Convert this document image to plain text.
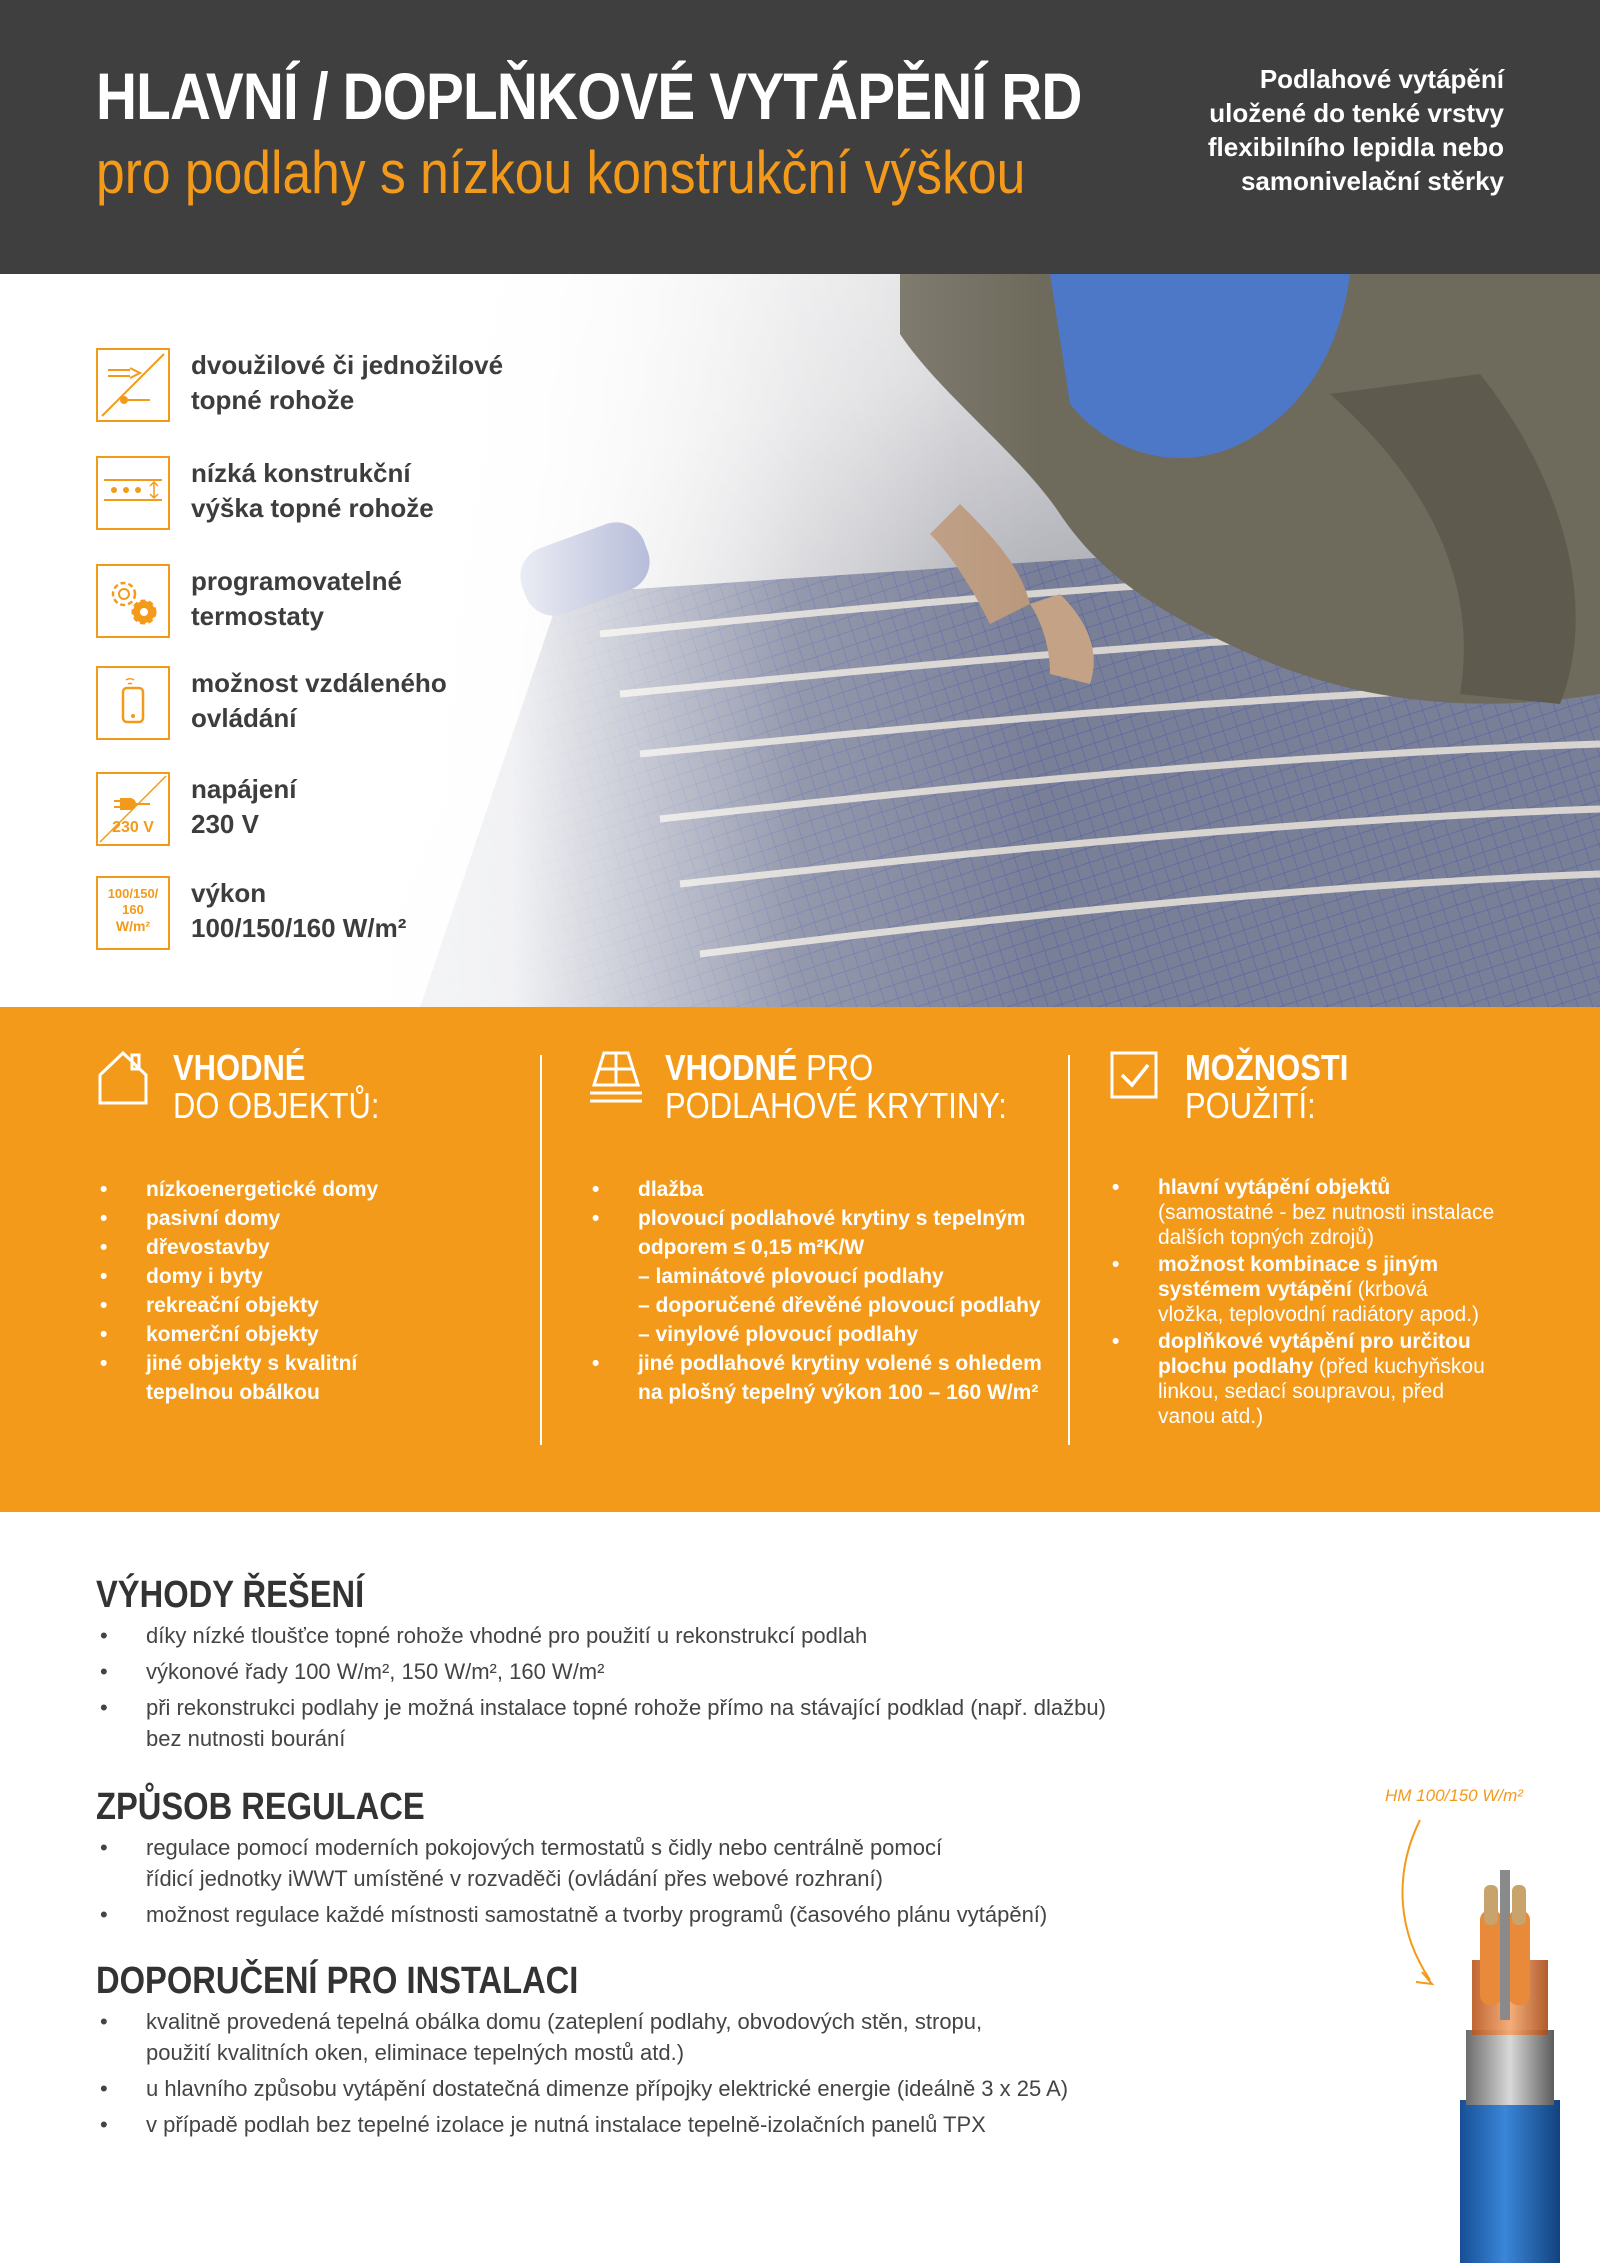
HLAVNÍ / DOPLŇKOVÉ VYTÁPĚNÍ RD
pro podlahy s nízkou konstrukční výškou
Podlahové vytápění
uložené do tenké vrstvy
flexibilního lepidla nebo
samonivelační stěrky
dvoužilové či jednožilové
topné rohože
nízká konstrukční
výška topné rohože
programovatelné
termostaty
možnost vzdáleného
ovládání
230 V
napájení
230 V
100/150/
160
W/m²
výkon
100/150/160 W/m²
VHODNÉ
DO OBJEKTŮ:
• nízkoenergetické domy
• pasivní domy
• dřevostavby
• domy i byty
• rekreační objekty
• komerční objekty
• jiné objekty s kvalitní
tepelnou obálkou
VHODNÉ PRO
PODLAHOVÉ KRYTINY:
• dlažba
• plovoucí podlahové krytiny s tepelným
odporem ≤ 0,15 m²K/W
– laminátové plovoucí podlahy
– doporučené dřevěné plovoucí podlahy
– vinylové plovoucí podlahy
• jiné podlahové krytiny volené s ohledem
na plošný tepelný výkon 100 – 160 W/m²
MOŽNOSTI
POUŽITÍ:
• hlavní vytápění objektů
(samostatné - bez nutnosti instalace
dalších topných zdrojů)
• možnost kombinace s jiným
systémem vytápění (krbová
vložka, teplovodní radiátory apod.)
• doplňkové vytápění pro určitou
plochu podlahy (před kuchyňskou
linkou, sedací soupravou, před
vanou atd.)
VÝHODY ŘEŠENÍ
• díky nízké tloušťce topné rohože vhodné pro použití u rekonstrukcí podlah
• výkonové řady 100 W/m², 150 W/m², 160 W/m²
• při rekonstrukci podlahy je možná instalace topné rohože přímo na stávající podklad (např. dlažbu)
bez nutnosti bourání
ZPŮSOB REGULACE
• regulace pomocí moderních pokojových termostatů s čidly nebo centrálně pomocí
řídicí jednotky iWWT umístěné v rozvaděči (ovládání přes webové rozhraní)
• možnost regulace každé místnosti samostatně a tvorby programů (časového plánu vytápění)
DOPORUČENÍ PRO INSTALACI
• kvalitně provedená tepelná obálka domu (zateplení podlahy, obvodových stěn, stropu,
použití kvalitních oken, eliminace tepelných mostů atd.)
• u hlavního způsobu vytápění dostatečná dimenze přípojky elektrické energie (ideálně 3 x 25 A)
• v případě podlah bez tepelné izolace je nutná instalace tepelně-izolačních panelů TPX
HM 100/150 W/m²
